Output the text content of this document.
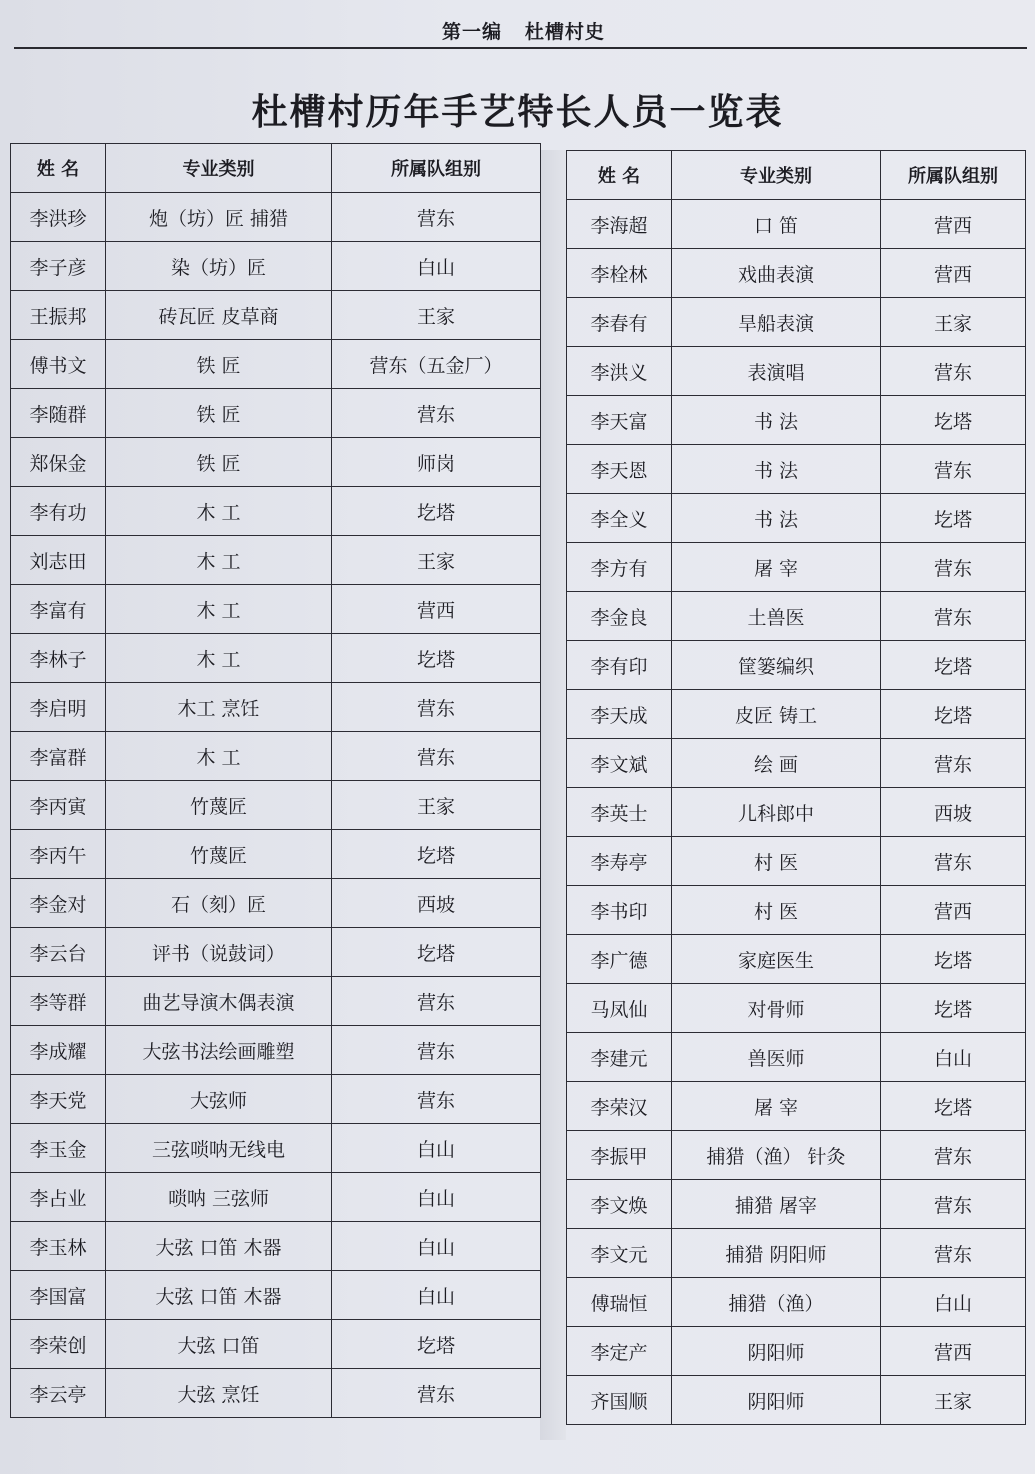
第一编   杜槽村史
杜槽村历年手艺特长人员一览表
姓 名	专业类别	所属队组别
李洪珍	炮（坊）匠 捕猎	营东
李子彦	染（坊）匠	白山
王振邦	砖瓦匠 皮草商	王家
傅书文	铁 匠	营东（五金厂）
李随群	铁 匠	营东
郑保金	铁 匠	师岗
李有功	木 工	圪塔
刘志田	木 工	王家
李富有	木 工	营西
李林子	木 工	圪塔
李启明	木工 烹饪	营东
李富群	木 工	营东
李丙寅	竹蔑匠	王家
李丙午	竹蔑匠	圪塔
李金对	石（刻）匠	西坡
李云台	评书（说鼓词）	圪塔
李等群	曲艺导演木偶表演	营东
李成耀	大弦书法绘画雕塑	营东
李天党	大弦师	营东
李玉金	三弦唢呐无线电	白山
李占业	唢呐 三弦师	白山
李玉林	大弦 口笛 木器	白山
李国富	大弦 口笛 木器	白山
李荣创	大弦 口笛	圪塔
李云亭	大弦 烹饪	营东
姓 名	专业类别	所属队组别
李海超	口 笛	营西
李栓林	戏曲表演	营西
李春有	旱船表演	王家
李洪义	表演唱	营东
李天富	书 法	圪塔
李天恩	书 法	营东
李全义	书 法	圪塔
李方有	屠 宰	营东
李金良	土兽医	营东
李有印	筐篓编织	圪塔
李天成	皮匠 铸工	圪塔
李文斌	绘 画	营东
李英士	儿科郎中	西坡
李寿亭	村 医	营东
李书印	村 医	营西
李广德	家庭医生	圪塔
马凤仙	对骨师	圪塔
李建元	兽医师	白山
李荣汉	屠 宰	圪塔
李振甲	捕猎（渔） 针灸	营东
李文焕	捕猎 屠宰	营东
李文元	捕猎 阴阳师	营东
傅瑞恒	捕猎（渔）	白山
李定产	阴阳师	营西
齐国顺	阴阳师	王家
